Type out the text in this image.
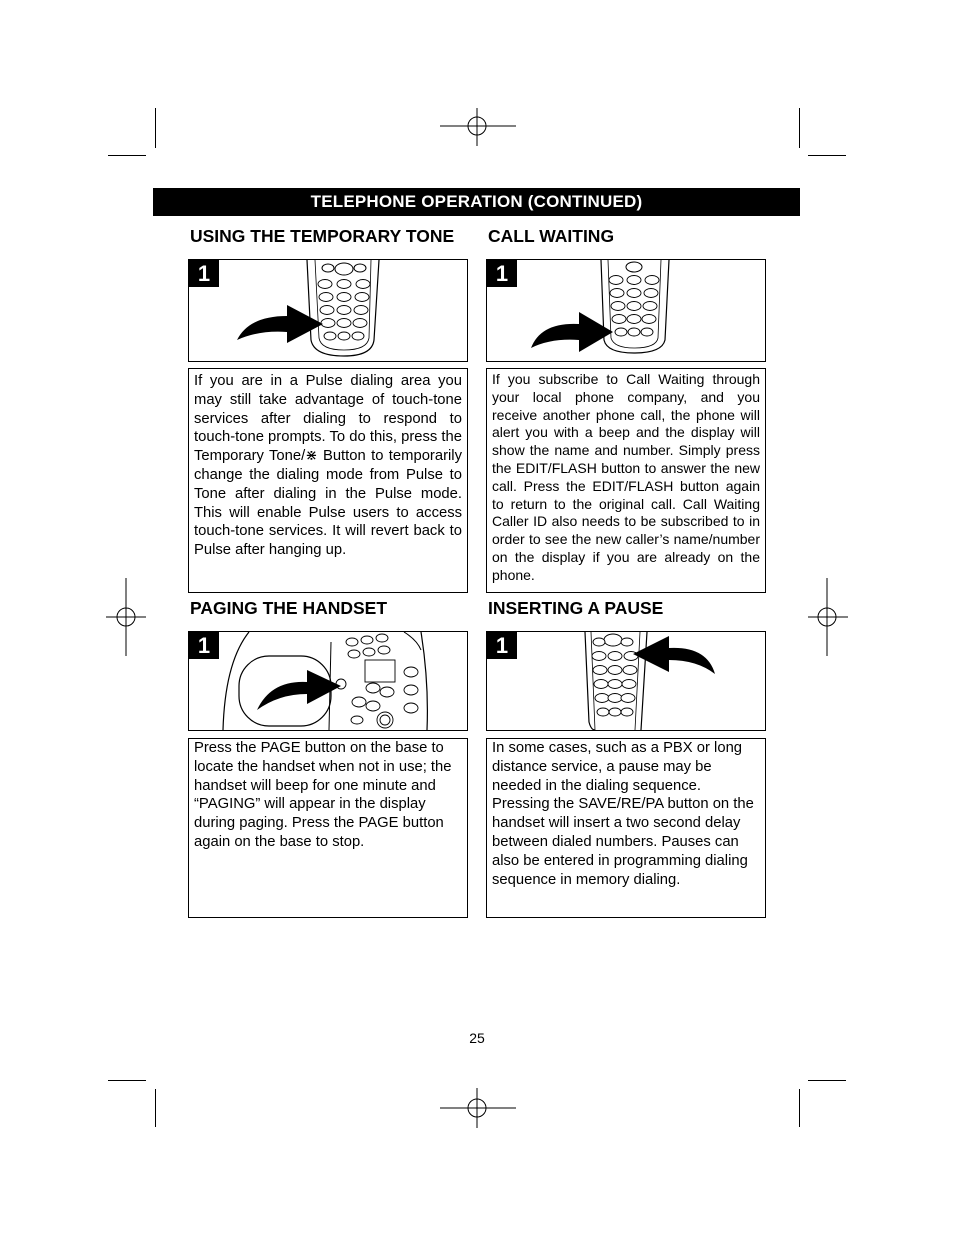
TELEPHONE OPERATION (CONTINUED)
USING THE TEMPORARY TONE
1

If you are in a Pulse dialing area you may still take advantage of touch-tone services after dialing to respond to touch-tone prompts. To do this, press the Temporary Tone/⋇ Button to temporarily change the dialing mode from Pulse to Tone after dialing in the Pulse mode. This will enable Pulse users to access touch-tone services. It will revert back to Pulse after hanging up.

CALL WAITING
1

If you subscribe to Call Waiting through your local phone company, and you receive another phone call, the phone will alert you with a beep and the display will show the name and number. Simply press the EDIT/FLASH button to answer the new call. Press the EDIT/FLASH button again to return to the original call. Call Waiting Caller ID also needs to be subscribed to in order to see the new caller’s name/number on the display if you are already on the phone.

PAGING THE HANDSET
1

Press the PAGE button on the base to locate the handset when not in use; the handset will beep for one minute and “PAGING” will appear in the display during paging. Press the PAGE button again on the base to stop.

INSERTING A PAUSE
1

In some cases, such as a PBX or long distance service, a pause may be needed in the dialing sequence. Pressing the SAVE/RE/PA button on the handset will insert a two second delay between dialed numbers. Pauses can also be entered in programming dialing sequence in memory dialing.

25
